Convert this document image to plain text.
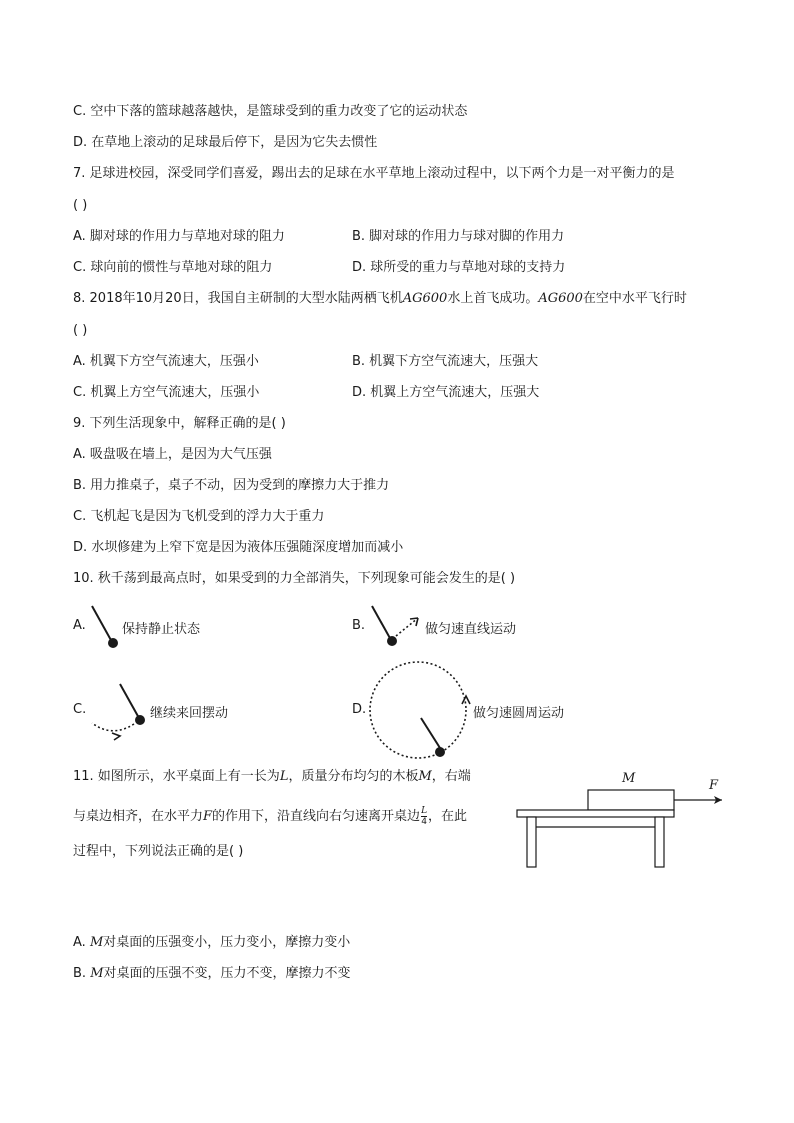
C. 空中下落的篮球越落越快，是篮球受到的重力改变了它的运动状态
D. 在草地上滚动的足球最后停下，是因为它失去惯性
7. 足球进校园，深受同学们喜爱，踢出去的足球在水平草地上滚动过程中，以下两个力是一对平衡力的是
( )
A. 脚对球的作用力与草地对球的阻力	B. 脚对球的作用力与球对脚的作用力
C. 球向前的惯性与草地对球的阻力	D. 球所受的重力与草地对球的支持力
8. 2018年10月20日，我国自主研制的大型水陆两栖飞机AG600水上首飞成功。AG600在空中水平飞行时
( )
A. 机翼下方空气流速大，压强小	B. 机翼下方空气流速大，压强大
C. 机翼上方空气流速大，压强小	D. 机翼上方空气流速大，压强大
9. 下列生活现象中，解释正确的是( )
A. 吸盘吸在墙上，是因为大气压强
B. 用力推桌子，桌子不动，因为受到的摩擦力大于推力
C. 飞机起飞是因为飞机受到的浮力大于重力
D. 水坝修建为上窄下宽是因为液体压强随深度增加而减小
10. 秋千荡到最高点时，如果受到的力全部消失，下列现象可能会发生的是( )
A.	保持静止状态	B.	做匀速直线运动
C.	继续来回摆动	D.	做匀速圆周运动
11. 如图所示，水平桌面上有一长为L，质量分布均匀的木板M，右端
与桌边相齐，在水平力F的作用下，沿直线向右匀速离开桌边 $\frac{L}{4}$ ，在此
过程中，下列说法正确的是( )
M	F
A. M对桌面的压强变小，压力变小，摩擦力变小
B. M对桌面的压强不变，压力不变，摩擦力不变
